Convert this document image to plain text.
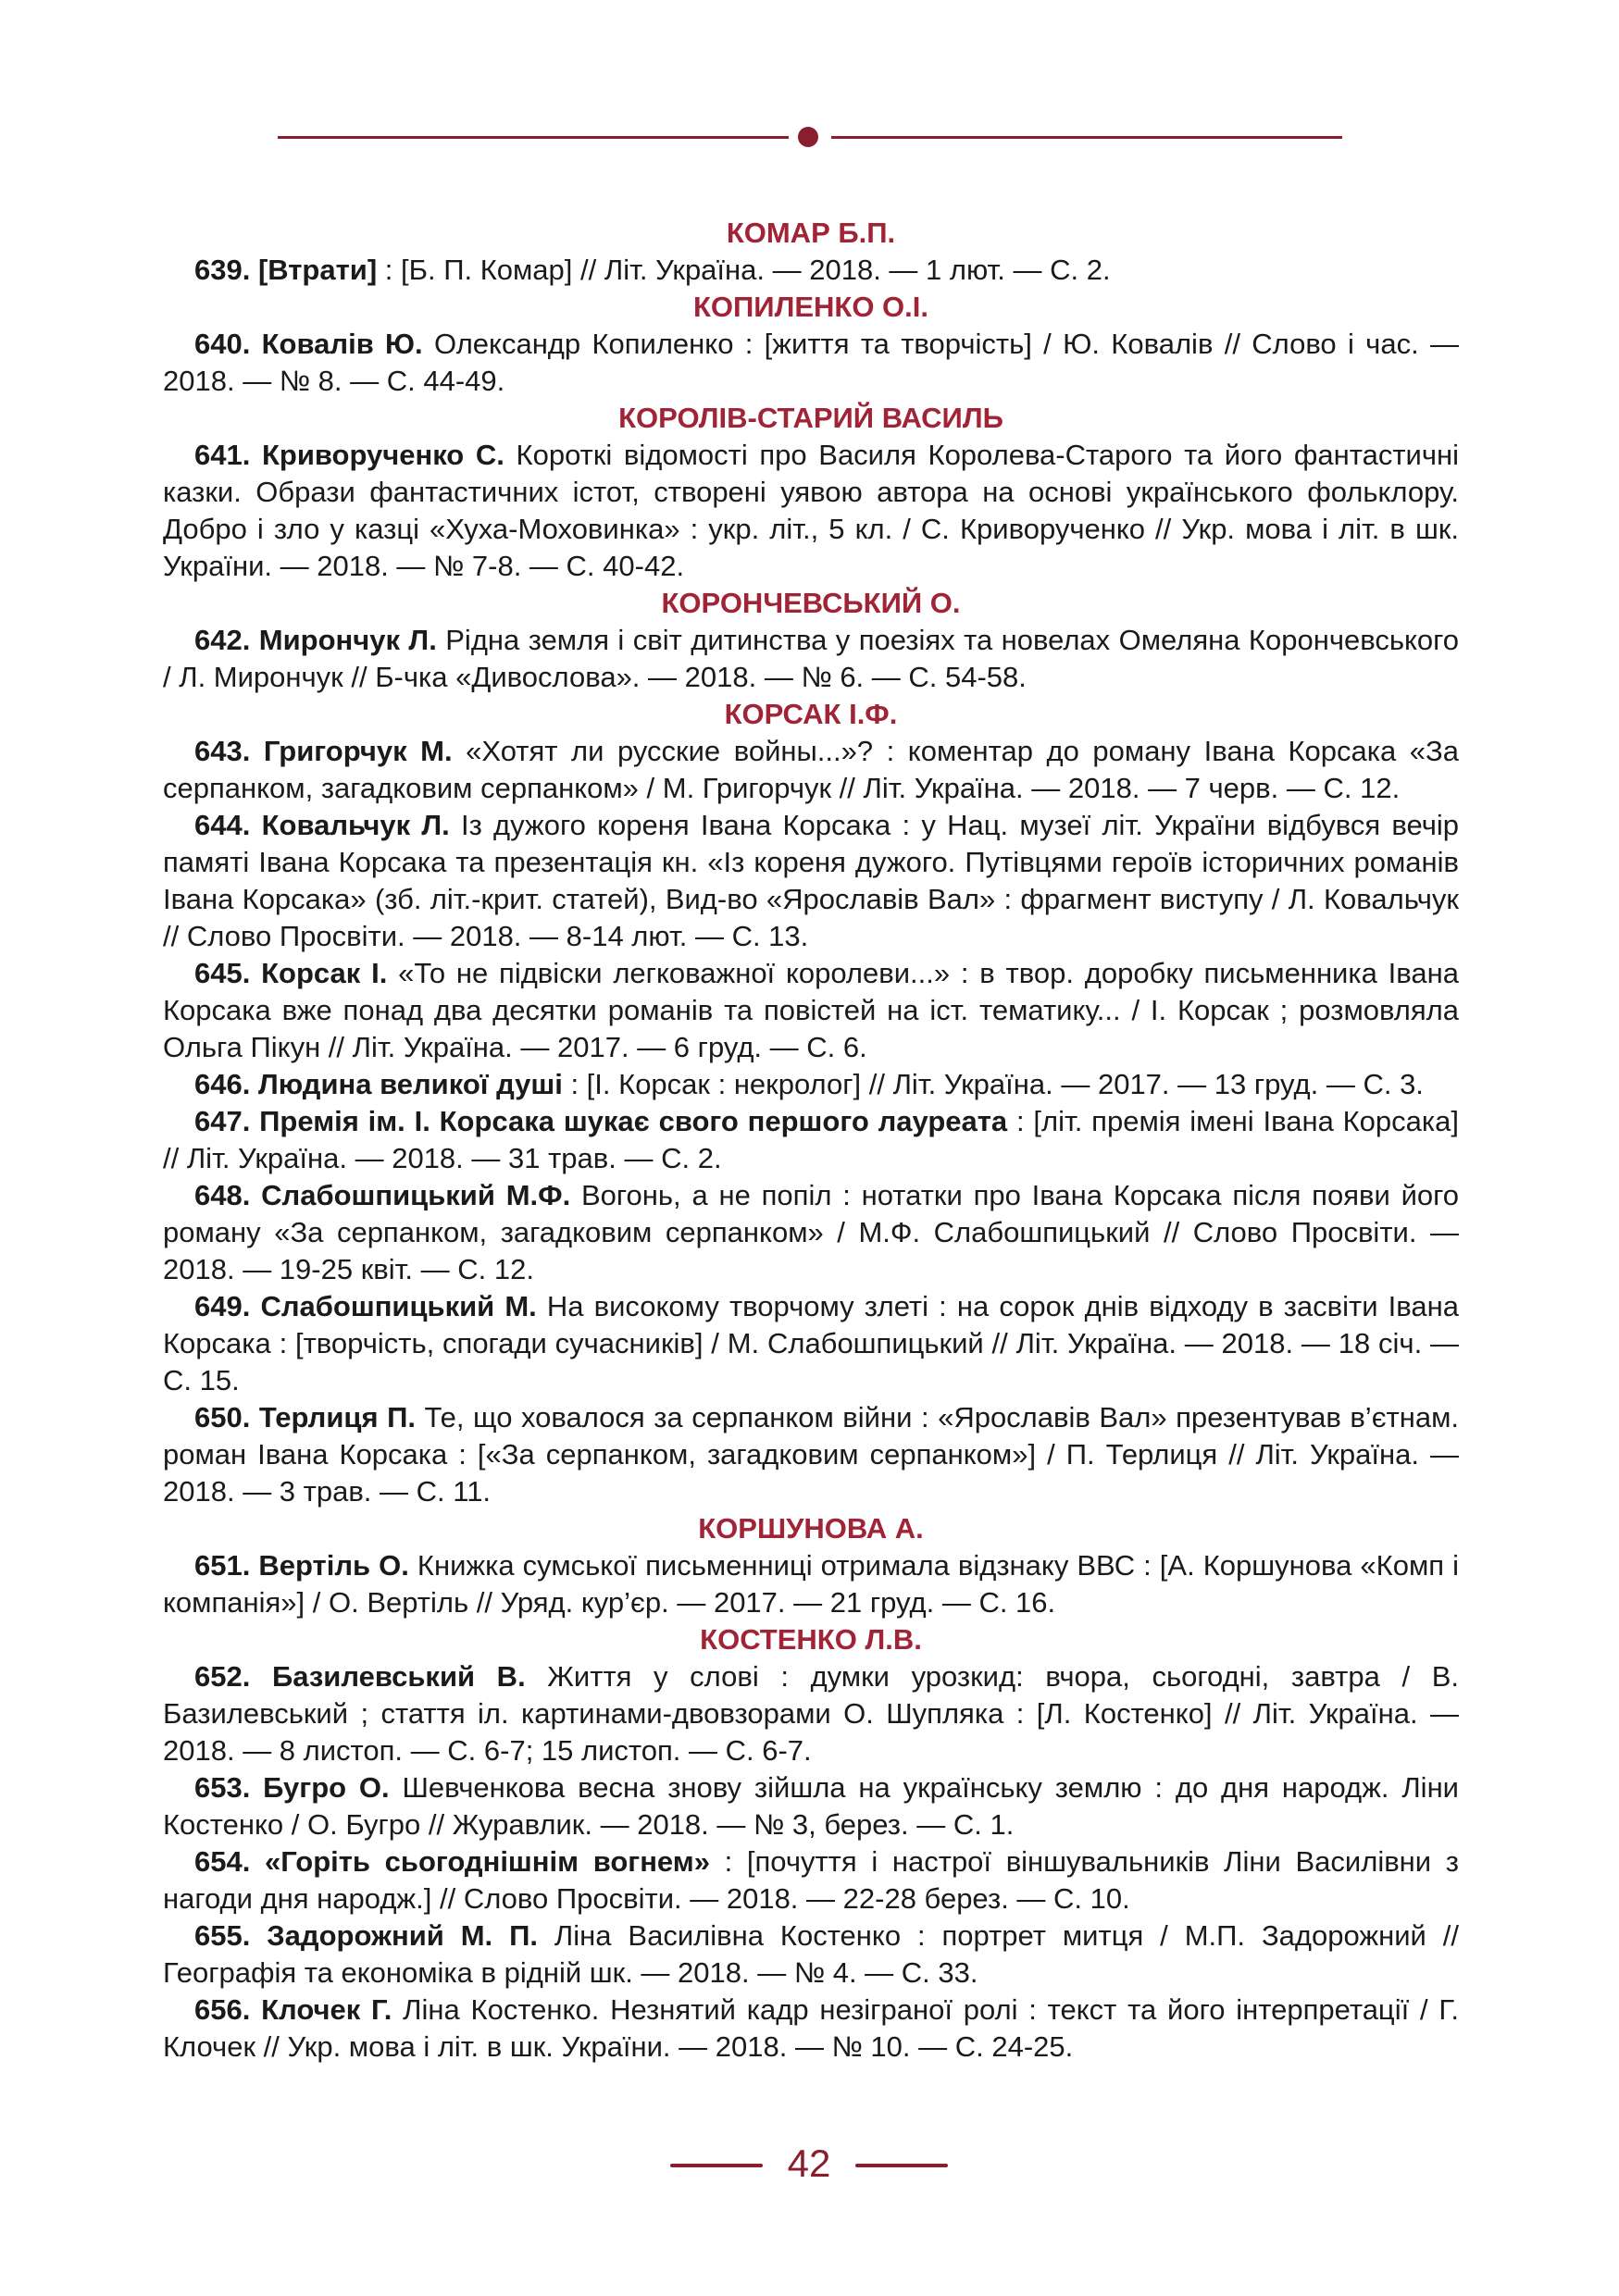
КОМАР Б.П.

639. [Втрати] : [Б. П. Комар] // Літ. Україна. — 2018. — 1 лют. — С. 2.

КОПИЛЕНКО О.І.

640. Ковалів Ю. Олександр Копиленко : [життя та творчість] / Ю. Ковалів // Слово і час. — 2018. — № 8. — С. 44-49.

КОРОЛІВ-СТАРИЙ ВАСИЛЬ

641. Криворученко С. Короткі відомості про Василя Королева-Старого та його фантастичні казки. Образи фантастичних істот, створені уявою автора на основі українського фольклору. Добро і зло у казці «Хуха-Моховинка» : укр. літ., 5 кл. / С. Криворученко // Укр. мова і літ. в шк. України. — 2018. — № 7-8. — С. 40-42.

КОРОНЧЕВСЬКИЙ О.

642. Мирончук Л. Рідна земля і світ дитинства у поезіях та новелах Омеляна Корончевського / Л. Мирончук // Б-чка «Дивослова». — 2018. — № 6. — С. 54-58.

КОРСАК І.Ф.

643. Григорчук М. «Хотят ли русские войны...»? : коментар до роману Івана Корсака «За серпанком, загадковим серпанком» / М. Григорчук // Літ. Україна. — 2018. — 7 черв. — С. 12.

644. Ковальчук Л. Із дужого кореня Івана Корсака : у Нац. музеї літ. України відбувся вечір памяті Івана Корсака та презентація кн. «Із кореня дужого. Путівцями героїв історичних романів Івана Корсака» (зб. літ.-крит. статей), Вид-во «Ярославів Вал» : фрагмент виступу / Л. Ковальчук // Слово Просвіти. — 2018. — 8-14 лют. — С. 13.

645. Корсак І. «То не підвіски легковажної королеви...» : в твор. доробку письменника Івана Корсака вже понад два десятки романів та повістей на іст. тематику... / І. Корсак ; розмовляла Ольга Пікун // Літ. Україна. — 2017. — 6 груд. — С. 6.

646. Людина великої душі : [І. Корсак : некролог] // Літ. Україна. — 2017. — 13 груд. — С. 3.

647. Премія ім. І. Корсака шукає свого першого лауреата : [літ. премія імені Івана Корсака] // Літ. Україна. — 2018. — 31 трав. — С. 2.

648. Слабошпицький М.Ф. Вогонь, а не попіл : нотатки про Івана Корсака після появи його роману «За серпанком, загадковим серпанком» / М.Ф. Слабошпицький // Слово Просвіти. — 2018. — 19-25 квіт. — С. 12.

649. Слабошпицький М. На високому творчому злеті : на сорок днів відходу в засвіти Івана Корсака : [творчість, спогади сучасників] / М. Слабошпицький // Літ. Україна. — 2018. — 18 січ. — С. 15.

650. Терлиця П. Те, що ховалося за серпанком війни : «Ярославів Вал» презентував в’єтнам. роман Івана Корсака : [«За серпанком, загадковим серпанком»] / П. Терлиця // Літ. Україна. — 2018. — 3 трав. — С. 11.

КОРШУНОВА А.

651. Вертіль О. Книжка сумської письменниці отримала відзнаку ВВС : [А. Коршунова «Комп і компанія»] / О. Вертіль // Уряд. кур’єр. — 2017. — 21 груд. — С. 16.

КОСТЕНКО Л.В.

652. Базилевський В. Життя у слові : думки урозкид: вчора, сьогодні, завтра / В. Базилевський ; стаття іл. картинами-двовзорами О. Шупляка : [Л. Костенко] // Літ. Україна. — 2018. — 8 листоп. — С. 6-7; 15 листоп. — С. 6-7.

653. Бугро О. Шевченкова весна знову зійшла на українську землю : до дня народж. Ліни Костенко / О. Бугро // Журавлик. — 2018. — № 3, берез. — С. 1.

654. «Горіть сьогоднішнім вогнем» : [почуття і настрої віншувальників Ліни Василівни з нагоди дня народж.] // Слово Просвіти. — 2018. — 22-28 берез. — С. 10.

655. Задорожний М. П. Ліна Василівна Костенко : портрет митця / М.П. Задорожний // Географія та економіка в рідній шк. — 2018. — № 4. — С. 33.

656. Клочек Г. Ліна Костенко. Незнятий кадр незіграної ролі : текст та його інтерпретації / Г. Клочек // Укр. мова і літ. в шк. України. — 2018. — № 10. — С. 24-25.

42
